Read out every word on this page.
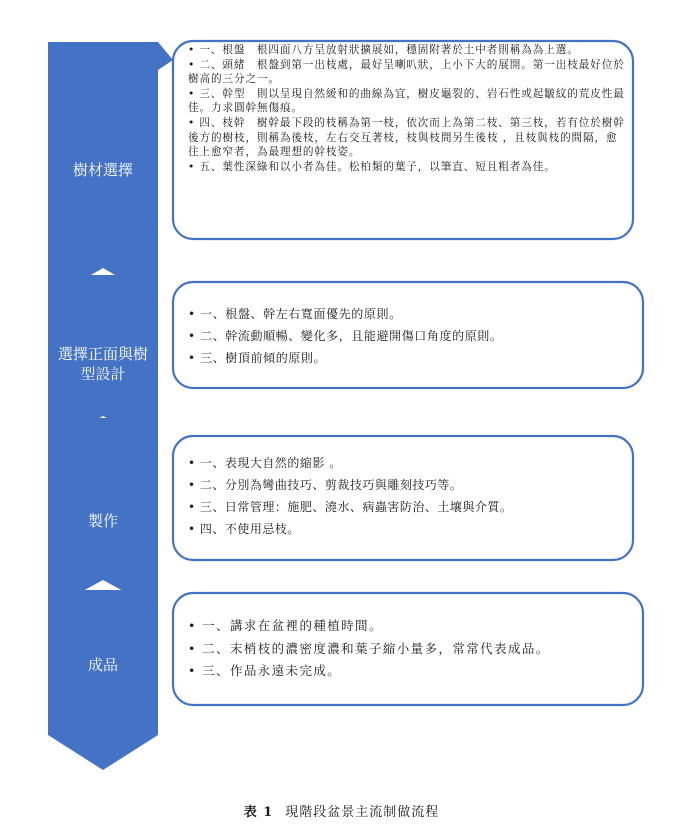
樹材選擇
選擇正面與樹型設計
製作
成品
• 一、根盤　根四面八方呈放射狀擴展如，穩固附著於土中者則稱為為上選。
• 二、頭緒　根盤到第一出枝處，最好呈喇叭狀，上小下大的展開。第一出枝最好位於樹高的三分之一。
• 三、幹型　則以呈現自然緩和的曲線為宜，樹皮龜裂的、岩石性或起皺紋的荒皮性最佳。力求圓幹無傷痕。
• 四、枝幹　樹幹最下段的枝稱為第一枝，依次而上為第二枝、第三枝，若有位於樹幹後方的樹枝，則稱為後枝，左右交互著枝，枝與枝間另生後枝 ，且枝與枝的間隔，愈往上愈窄者，為最理想的幹枝姿。
• 五、葉性深綠和以小者為佳。松柏類的葉子，以筆直、短且粗者為佳。
• 一、根盤、幹左右寬面優先的原則。
• 二、幹流動順暢、變化多，且能避開傷口角度的原則。
• 三、樹頂前傾的原則。
• 一、表現大自然的縮影 。
• 二、分別為彎曲技巧、剪裁技巧與雕刻技巧等。
• 三、日常管理：施肥、澆水、病蟲害防治、土壤與介質。
• 四、不使用忌枝。
• 一、講求在盆裡的種植時間。
• 二、末梢枝的濃密度濃和葉子縮小量多，常常代表成品。
• 三、作品永遠未完成。
表 1 現階段盆景主流制做流程
